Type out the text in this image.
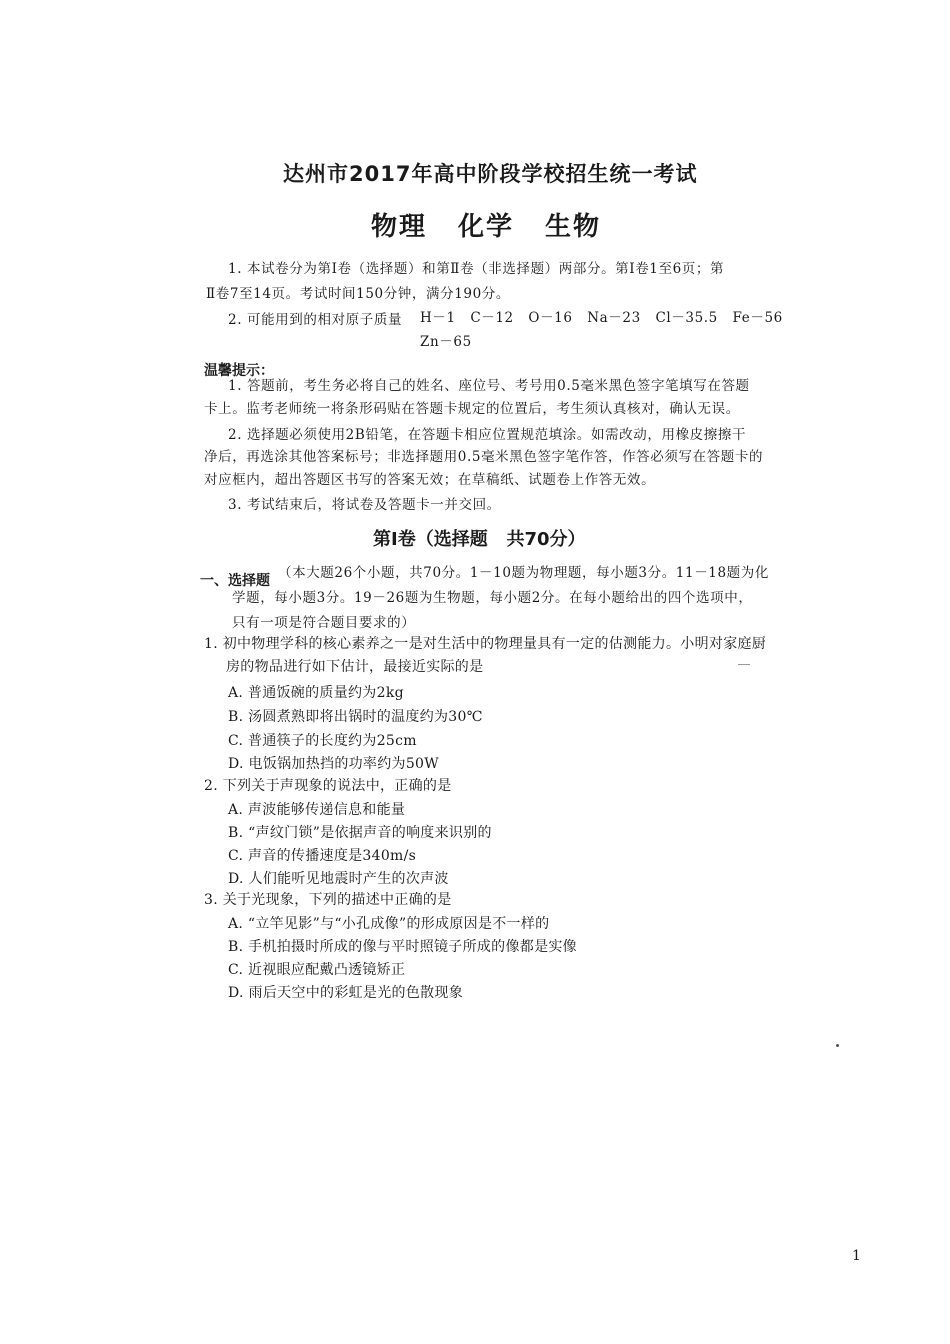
达州市2017年高中阶段学校招生统一考试
物理 化学 生物
1. 本试卷分为第Ⅰ卷（选择题）和第Ⅱ卷（非选择题）两部分。第Ⅰ卷1至6页；第
Ⅱ卷7至14页。考试时间150分钟，满分190分。
2. 可能用到的相对原子质量 H－1   C－12   O－16   Na－23   Cl－35.5   Fe－56
Zn－65
温馨提示：
1. 答题前，考生务必将自己的姓名、座位号、考号用0.5毫米黑色签字笔填写在答题
卡上。监考老师统一将条形码贴在答题卡规定的位置后，考生须认真核对，确认无误。
2. 选择题必须使用2B铅笔，在答题卡相应位置规范填涂。如需改动，用橡皮擦擦干
净后，再选涂其他答案标号；非选择题用0.5毫米黑色签字笔作答，作答必须写在答题卡的
对应框内，超出答题区书写的答案无效；在草稿纸、试题卷上作答无效。
3. 考试结束后，将试卷及答题卡一并交回。
第Ⅰ卷（选择题   共70分）
一、选择题 （本大题26个小题，共70分。1－10题为物理题，每小题3分。11－18题为化
学题，每小题3分。19－26题为生物题，每小题2分。在每小题给出的四个选项中，
只有一项是符合题目要求的）
1. 初中物理学科的核心素养之一是对生活中的物理量具有一定的估测能力。小明对家庭厨
房的物品进行如下估计，最接近实际的是
A. 普通饭碗的质量约为2kg
B. 汤圆煮熟即将出锅时的温度约为30℃
C. 普通筷子的长度约为25cm
D. 电饭锅加热挡的功率约为50W
2. 下列关于声现象的说法中，正确的是
A. 声波能够传递信息和能量
B. “声纹门锁”是依据声音的响度来识别的
C. 声音的传播速度是340m/s
D. 人们能听见地震时产生的次声波
3. 关于光现象，下列的描述中正确的是
A. “立竿见影”与“小孔成像”的形成原因是不一样的
B. 手机拍摄时所成的像与平时照镜子所成的像都是实像
C. 近视眼应配戴凸透镜矫正
D. 雨后天空中的彩虹是光的色散现象
1
